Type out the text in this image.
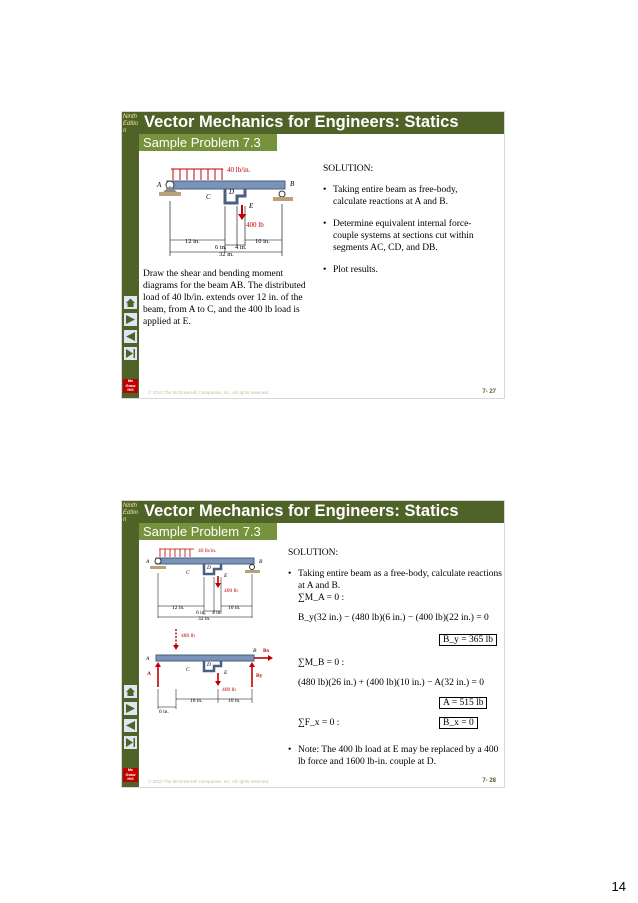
Ninth Edition
Mc Graw Hill
Vector Mechanics for Engineers: Statics
Sample Problem 7.3
40 lb/in.
400 lb
A	B
C
D
E
12 in.	10 in.
6 in. 4 in.
32 in.
SOLUTION:
• Taking entire beam as free-body, calculate reactions at A and B.
• Determine equivalent internal force-couple systems at sections cut within segments AC, CD, and DB.
• Plot results.
Draw the shear and bending moment diagrams for the beam AB. The distributed load of 40 lb/in. extends over 12 in. of the beam, from A to C, and the 400 lb load is applied at E.
© 2010 The McGraw-Hill Companies, Inc. All rights reserved.	7- 27
Ninth Edition
Mc Graw Hill
Vector Mechanics for Engineers: Statics
Sample Problem 7.3
40 lb/in.
400 lb
A	B
C
D
E
12 in.	10 in.
6 in. 4 in.
32 in.
480 lb
400 lb
A
A
B Bx
By
C
D
E
16 in.	10 in.
6 in.
SOLUTION:
• Taking entire beam as a free-body, calculate reactions at A and B.
∑M_A = 0 :
B_y(32 in.) − (480 lb)(6 in.) − (400 lb)(22 in.) = 0
B_y = 365 lb
∑M_B = 0 :
(480 lb)(26 in.) + (400 lb)(10 in.) − A(32 in.) = 0
A = 515 lb
∑F_x = 0 :	B_x = 0
• Note: The 400 lb load at E may be replaced by a 400 lb force and 1600 lb-in. couple at D.
© 2010 The McGraw-Hill Companies, Inc. All rights reserved.	7- 28
14
